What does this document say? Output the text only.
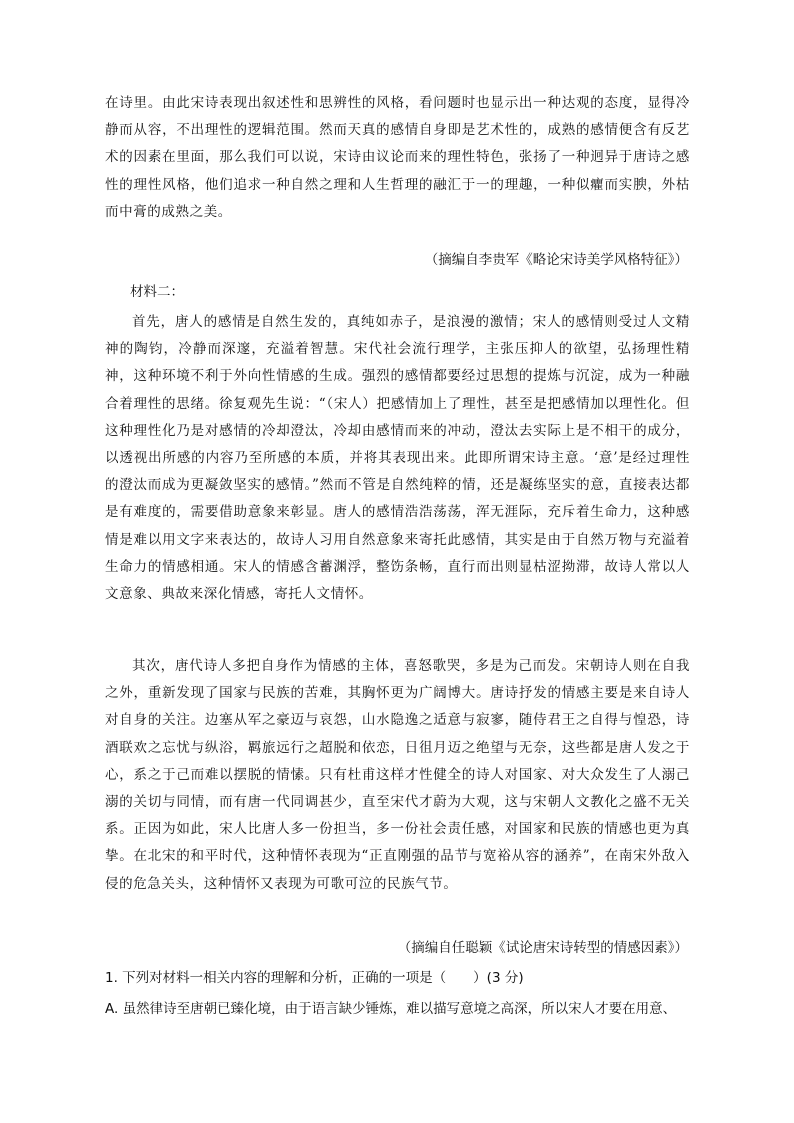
在诗里。由此宋诗表现出叙述性和思辨性的风格，看问题时也显示出一种达观的态度，显得冷静而从容，不出理性的逻辑范围。然而天真的感情自身即是艺术性的，成熟的感情便含有反艺术的因素在里面，那么我们可以说，宋诗由议论而来的理性特色，张扬了一种迥异于唐诗之感性的理性风格，他们追求一种自然之理和人生哲理的融汇于一的理趣，一种似癯而实腴，外枯而中膏的成熟之美。

（摘编自李贵军《略论宋诗美学风格特征》）

材料二：

首先，唐人的感情是自然生发的，真纯如赤子，是浪漫的激情；宋人的感情则受过人文精神的陶钧，冷静而深邃，充溢着智慧。宋代社会流行理学，主张压抑人的欲望，弘扬理性精神，这种环境不利于外向性情感的生成。强烈的感情都要经过思想的提炼与沉淀，成为一种融合着理性的思绪。徐复观先生说：“（宋人）把感情加上了理性，甚至是把感情加以理性化。但这种理性化乃是对感情的冷却澄汰，冷却由感情而来的冲动，澄汰去实际上是不相干的成分，以透视出所感的内容乃至所感的本质，并将其表现出来。此即所谓宋诗主意。‘意’是经过理性的澄汰而成为更凝敛坚实的感情。”然而不管是自然纯粹的情，还是凝练坚实的意，直接表达都是有难度的，需要借助意象来彰显。唐人的感情浩浩荡荡，浑无涯际，充斥着生命力，这种感情是难以用文字来表达的，故诗人习用自然意象来寄托此感情，其实是由于自然万物与充溢着生命力的情感相通。宋人的情感含蓄渊浮，整饬条畅，直行而出则显枯涩拗滞，故诗人常以人文意象、典故来深化情感，寄托人文情怀。

其次，唐代诗人多把自身作为情感的主体，喜怒歌哭，多是为己而发。宋朝诗人则在自我之外，重新发现了国家与民族的苦难，其胸怀更为广阔博大。唐诗抒发的情感主要是来自诗人对自身的关注。边塞从军之豪迈与哀怨，山水隐逸之适意与寂寥，随侍君王之自得与惶恐，诗酒联欢之忘忧与纵浴，羁旅远行之超脱和依恋，日徂月迈之绝望与无奈，这些都是唐人发之于心，系之于己而难以摆脱的情愫。只有杜甫这样才性健全的诗人对国家、对大众发生了人溺己溺的关切与同情，而有唐一代同调甚少，直至宋代才蔚为大观，这与宋朝人文教化之盛不无关系。正因为如此，宋人比唐人多一份担当，多一份社会责任感，对国家和民族的情感也更为真挚。在北宋的和平时代，这种情怀表现为“正直刚强的品节与宽裕从容的涵养”，在南宋外敌入侵的危急关头，这种情怀又表现为可歌可泣的民族气节。

（摘编自任聪颖《试论唐宋诗转型的情感因素》）

1. 下列对材料一相关内容的理解和分析，正确的一项是（　　）(3 分)

A. 虽然律诗至唐朝已臻化境，由于语言缺少锤炼，难以描写意境之高深，所以宋人才要在用意、
